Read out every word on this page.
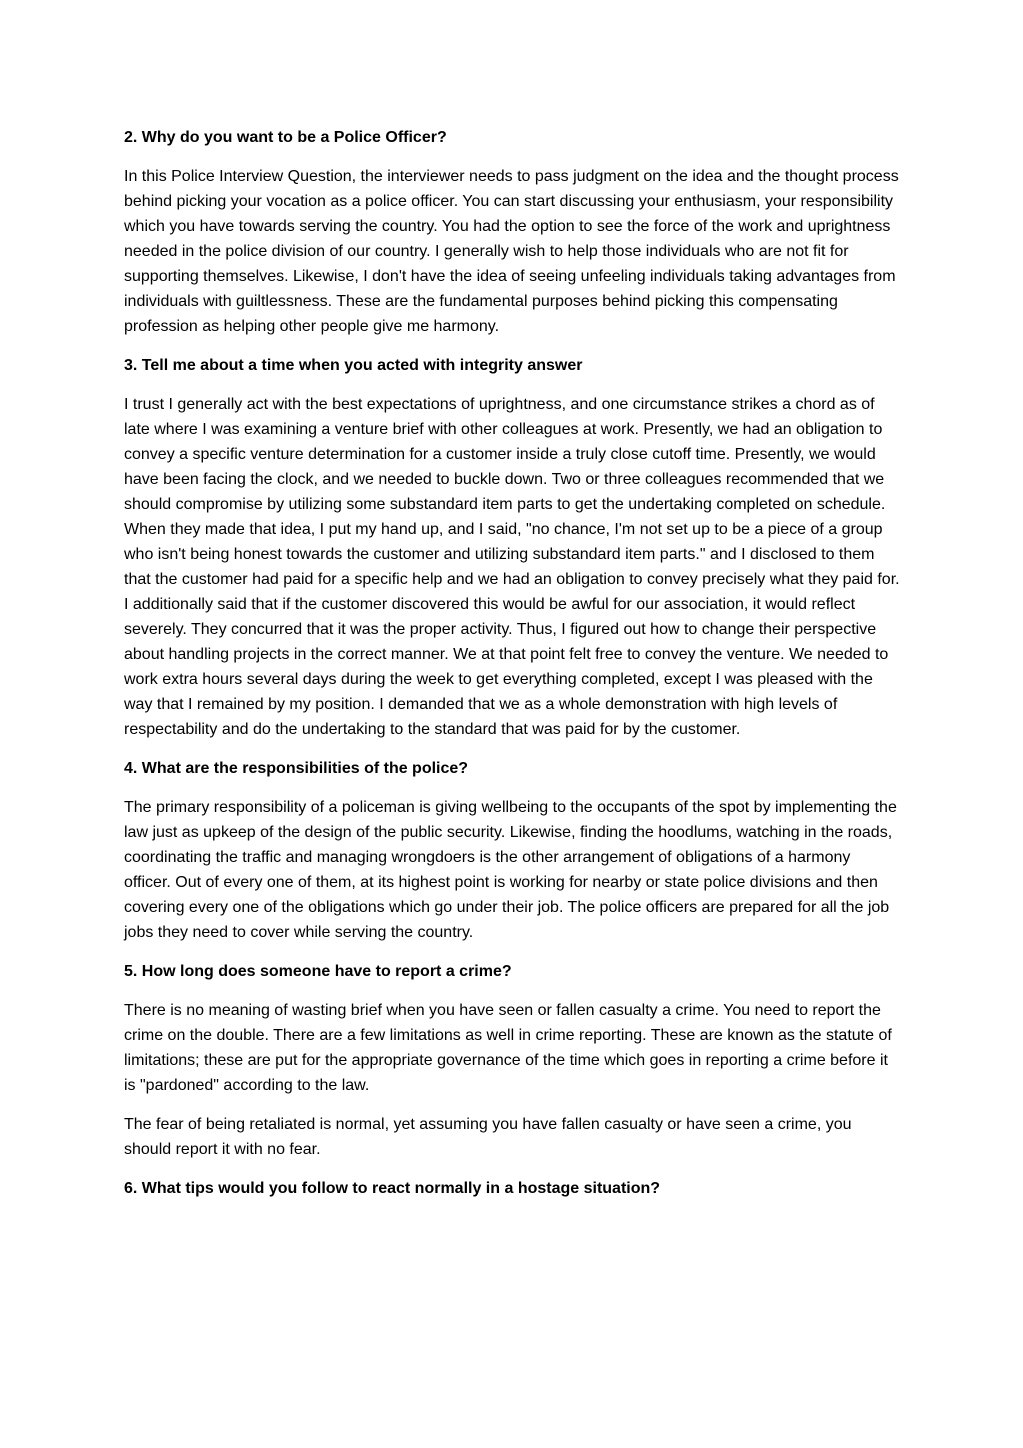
2. Why do you want to be a Police Officer?

In this Police Interview Question, the interviewer needs to pass judgment on the idea and the thought process behind picking your vocation as a police officer. You can start discussing your enthusiasm, your responsibility which you have towards serving the country. You had the option to see the force of the work and uprightness needed in the police division of our country. I generally wish to help those individuals who are not fit for supporting themselves. Likewise, I don't have the idea of seeing unfeeling individuals taking advantages from individuals with guiltlessness. These are the fundamental purposes behind picking this compensating profession as helping other people give me harmony.

3. Tell me about a time when you acted with integrity answer

I trust I generally act with the best expectations of uprightness, and one circumstance strikes a chord as of late where I was examining a venture brief with other colleagues at work. Presently, we had an obligation to convey a specific venture determination for a customer inside a truly close cutoff time. Presently, we would have been facing the clock, and we needed to buckle down. Two or three colleagues recommended that we should compromise by utilizing some substandard item parts to get the undertaking completed on schedule. When they made that idea, I put my hand up, and I said, "no chance, I'm not set up to be a piece of a group who isn't being honest towards the customer and utilizing substandard item parts." and I disclosed to them that the customer had paid for a specific help and we had an obligation to convey precisely what they paid for. I additionally said that if the customer discovered this would be awful for our association, it would reflect severely. They concurred that it was the proper activity. Thus, I figured out how to change their perspective about handling projects in the correct manner. We at that point felt free to convey the venture. We needed to work extra hours several days during the week to get everything completed, except I was pleased with the way that I remained by my position. I demanded that we as a whole demonstration with high levels of respectability and do the undertaking to the standard that was paid for by the customer.

4. What are the responsibilities of the police?

The primary responsibility of a policeman is giving wellbeing to the occupants of the spot by implementing the law just as upkeep of the design of the public security. Likewise, finding the hoodlums, watching in the roads, coordinating the traffic and managing wrongdoers is the other arrangement of obligations of a harmony officer. Out of every one of them, at its highest point is working for nearby or state police divisions and then covering every one of the obligations which go under their job. The police officers are prepared for all the job jobs they need to cover while serving the country.

5. How long does someone have to report a crime?

There is no meaning of wasting brief when you have seen or fallen casualty a crime. You need to report the crime on the double. There are a few limitations as well in crime reporting. These are known as the statute of limitations; these are put for the appropriate governance of the time which goes in reporting a crime before it is "pardoned" according to the law.

The fear of being retaliated is normal, yet assuming you have fallen casualty or have seen a crime, you should report it with no fear.

6. What tips would you follow to react normally in a hostage situation?
